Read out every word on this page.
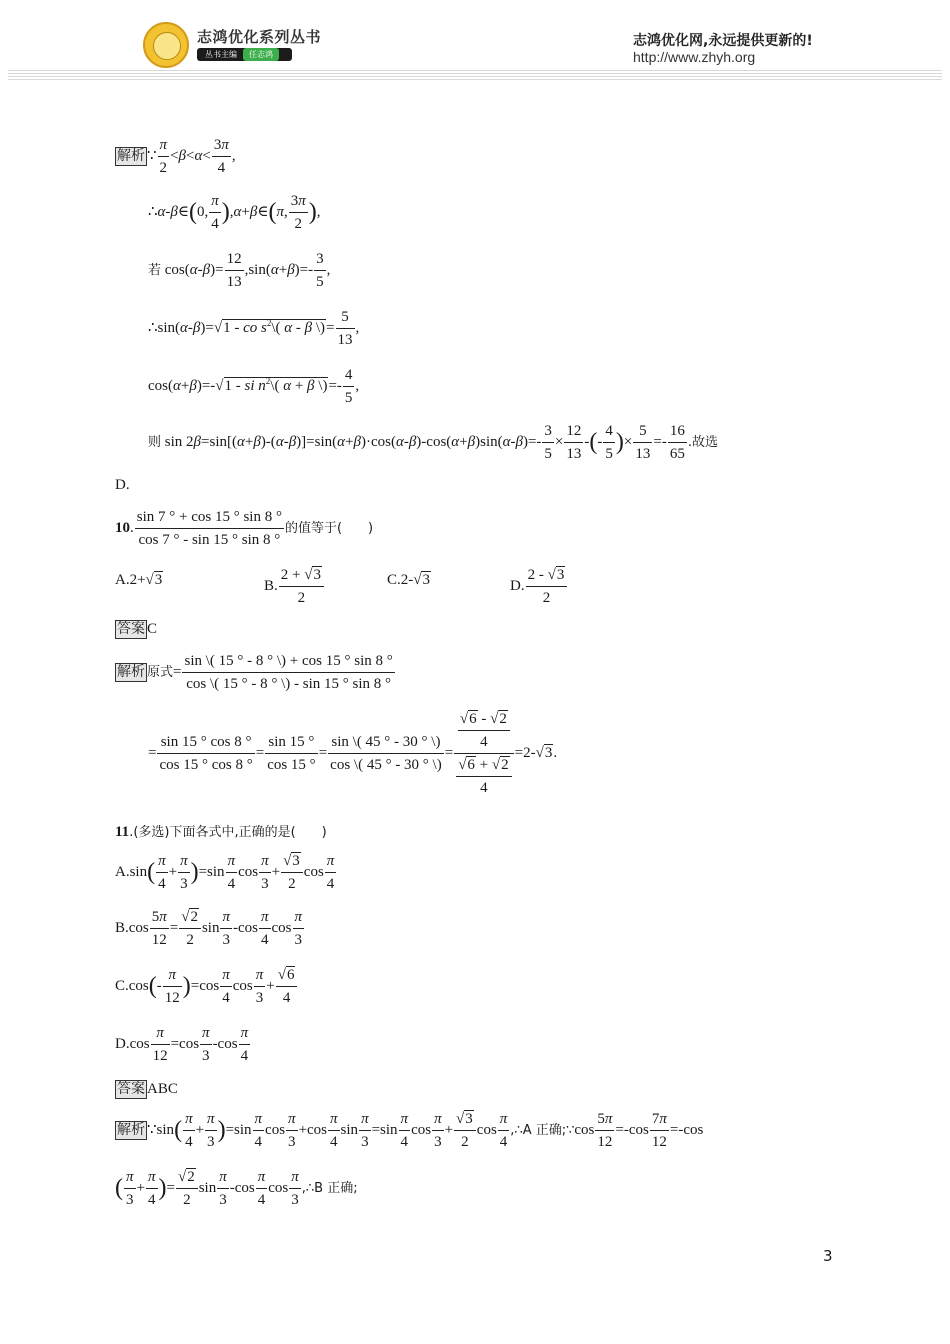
志鸿优化系列丛书
丛书主编 任志鸿
志鸿优化网,永远提供更新的!
http://www.zhyh.org
解析 ∵ $\frac{\pi}{2} <\beta<\alpha< \frac{3\pi}{4}$ ,
∴α-β∈(0, $\frac{\pi}{4}$ ),α+β∈(π, $\frac{3\pi}{2}$ ),
若 $\cos(\alpha-\beta)= \frac{12}{13} ,\sin(\alpha+\beta)=- \frac{3}{5}$ ,
∴sin(α-β)=√1 - co $s^2\backslash$( α - β \)= $\frac{5}{13}$ ,
cos(α+β)=-√1 - si $n^2\backslash$( α + β \)=- $\frac{4}{5}$ ,
则 $\sin 2\beta=\sin[(\alpha+\beta)-(\alpha-\beta)]=\sin(\alpha+\beta)\cdot\cos(\alpha-\beta)-\cos(\alpha+\beta)\sin(\alpha-\beta)=- \frac{3}{5} \times \frac{12}{13}$ -(- $\frac{4}{5}$ )× $\frac{5}{13} =- \frac{16}{65}$ .故选
D.
10. $\frac{\sin 7 ^\circ + \cos 15 ^\circ \sin 8 ^\circ}{\cos 7 ^\circ - \sin 15 ^\circ \sin 8 ^\circ}$ 的值等于(　　)
A.2+√3	B. $\frac{2 + √3}{2}$	C.2-√3	D. $\frac{2 - √3}{2}$
答案 C
解析 原式= $\frac{\sin \backslash( 15 ^\circ - 8 ^\circ \backslash) + \cos 15 ^\circ \sin 8 ^\circ}{\cos \backslash( 15 ^\circ - 8 ^\circ \backslash) - \sin 15 ^\circ \sin 8 ^\circ}$
= $\frac{\sin 15 ^\circ \cos 8 ^\circ}{\cos 15 ^\circ \cos 8 ^\circ} = \frac{\sin 15 ^\circ}{\cos 15 ^\circ} = \frac{\sin \backslash( 45 ^\circ - 30 ^\circ \backslash)}{\cos \backslash( 45 ^\circ - 30 ^\circ \backslash)} = \frac{\frac{√6 - √2}{4}}{\frac{√6 + √2}{4}} =2-√3$.
11.(多选)下面各式中,正确的是(　　)
$A.\sin( \frac{\pi}{4} + \frac{\pi}{3} )=\sin \frac{\pi}{4}$ $\cos \frac{\pi}{3} + \frac{√3}{2}$ $\cos \frac{\pi}{4}$
$B.\cos \frac{5\pi}{12} = \frac{√2}{2}$ $\sin \frac{\pi}{3} -\cos \frac{\pi}{4}$ $\cos \frac{\pi}{3}$
$C.\cos(- \frac{\pi}{12} )=\cos \frac{\pi}{4}$ $\cos \frac{\pi}{3} + \frac{√6}{4}$
$D.\cos \frac{\pi}{12} =\cos \frac{\pi}{3} -\cos \frac{\pi}{4}$
答案 ABC
解析 ∵sin( $\frac{\pi}{4} + \frac{\pi}{3} )=\sin \frac{\pi}{4}$ $\cos \frac{\pi}{3} +\cos \frac{\pi}{4}$ $\sin \frac{\pi}{3} =\sin \frac{\pi}{4}$ $\cos \frac{\pi}{3} + \frac{√3}{2}$ $\cos \frac{\pi}{4}$ ,∴A 正确;∵cos $\frac{5\pi}{12} =-\cos \frac{7\pi}{12} =-\cos$
( $\frac{\pi}{3} + \frac{\pi}{4}$ )= $\frac{√2}{2}$ $\sin \frac{\pi}{3} -\cos \frac{\pi}{4}$ $\cos \frac{\pi}{3}$ ,∴B 正确;
3
